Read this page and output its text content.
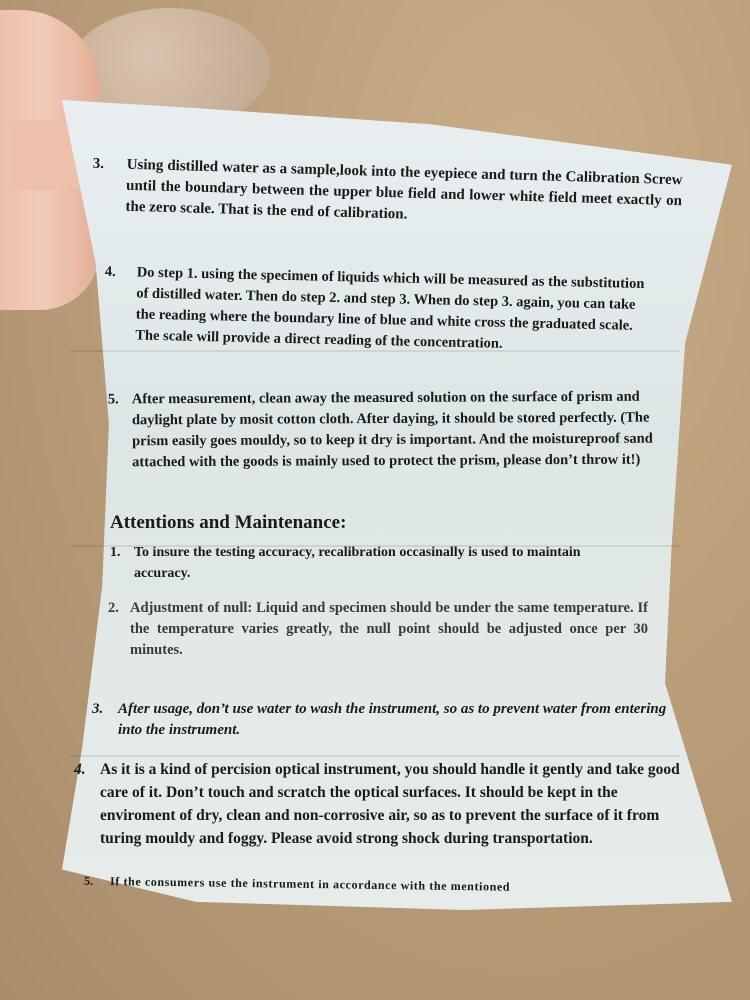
3. Using distilled water as a sample,look into the eyepiece and turn the Calibration Screw until the boundary between the upper blue field and lower white field meet exactly on the zero scale. That is the end of calibration.
4. Do step 1. using the specimen of liquids which will be measured as the substitution of distilled water. Then do step 2. and step 3. When do step 3. again, you can take the reading where the boundary line of blue and white cross the graduated scale. The scale will provide a direct reading of the concentration.
5. After measurement, clean away the measured solution on the surface of prism and daylight plate by mosit cotton cloth. After daying, it should be stored perfectly. (The prism easily goes mouldy, so to keep it dry is important. And the moistureproof sand attached with the goods is mainly used to protect the prism, please don’t throw it!)
Attentions and Maintenance:
1. To insure the testing accuracy, recalibration occasinally is used to maintain accuracy.
2. Adjustment of null: Liquid and specimen should be under the same temperature. If the temperature varies greatly, the null point should be adjusted once per 30 minutes.
3. After usage, don’t use water to wash the instrument, so as to prevent water from entering into the instrument.
4. As it is a kind of percision optical instrument, you should handle it gently and take good care of it. Don’t touch and scratch the optical surfaces. It should be kept in the enviroment of dry, clean and non-corrosive air, so as to prevent the surface of it from turing mouldy and foggy. Please avoid strong shock during transportation.
5. If the consumers use the instrument in accordance with the mentioned
